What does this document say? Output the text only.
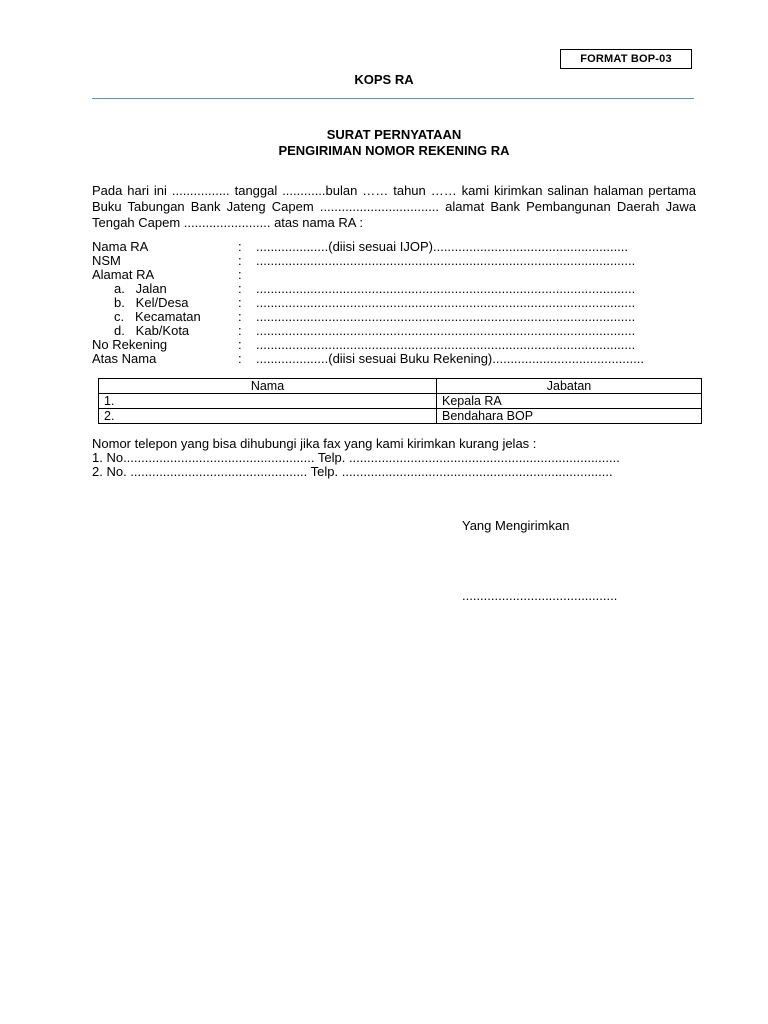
FORMAT BOP-03
KOPS RA
SURAT PERNYATAAN
PENGIRIMAN NOMOR REKENING RA
Pada hari ini ................ tanggal ............bulan …… tahun …… kami kirimkan salinan halaman pertama Buku Tabungan Bank Jateng Capem ................................. alamat Bank Pembangunan Daerah Jawa Tengah Capem ........................ atas nama RA :
Nama RA	: ....................(diisi sesuai IJOP)......................................................
NSM	: .........................................................................................................
Alamat RA	:
a.   Jalan	: .........................................................................................................
b.   Kel/Desa	: .........................................................................................................
c.   Kecamatan	: .........................................................................................................
d.   Kab/Kota	: .........................................................................................................
No Rekening	: .........................................................................................................
Atas Nama	: ....................(diisi sesuai Buku Rekening)..........................................
Nama	Jabatan
1.	Kepala RA
2.	Bendahara BOP
Nomor telepon yang bisa dihubungi jika fax yang kami kirimkan kurang jelas :
1. No..................................................... Telp. ...........................................................................
2. No. ................................................. Telp. ...........................................................................
Yang Mengirimkan
...........................................
